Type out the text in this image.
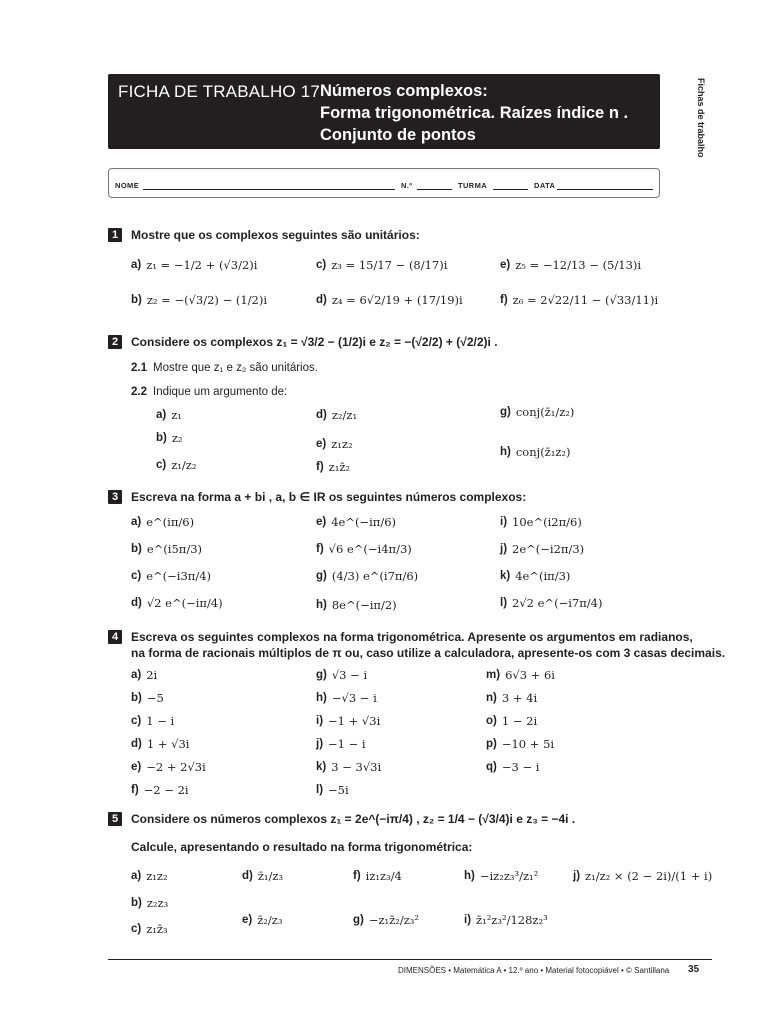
FICHA DE TRABALHO 17 Números complexos:
Forma trigonométrica. Raízes índice n .
Conjunto de pontos	Fichas de trabalho
NOME	N.º	TURMA	DATA
1	Mostre que os complexos seguintes são unitários:
a) z₁ = −1/2 + (√3/2)i
b) z₂ = −(√3/2) − (1/2)i
c) z₃ = 15/17 − (8/17)i
d) z₄ = 6√2/19 + (17/19)i
e) z₅ = −12/13 − (5/13)i
f) z₆ = 2√22/11 − (√33/11)i
2	Considere os complexos z₁ = √3/2 − (1/2)i e z₂ = −(√2/2) + (√2/2)i .
2.1 Mostre que z₁ e z₂ são unitários.
2.2 Indique um argumento de:
a) z₁
b) z₂
c) z₁/z₂
d) z₂/z₁
e) z₁z₂
f) z₁z̄₂
g) conj(z̄₁/z₂)
h) conj(z̄₁z₂)
3	Escreva na forma a + bi , a, b ∈ IR os seguintes números complexos:
a) e^(iπ/6)
b) e^(i5π/3)
c) e^(−i3π/4)
d) √2 e^(−iπ/4)
e) 4e^(−iπ/6)
f) √6 e^(−i4π/3)
g) (4/3) e^(i7π/6)
h) 8e^(−iπ/2)
i) 10e^(i2π/6)
j) 2e^(−i2π/3)
k) 4e^(iπ/3)
l) 2√2 e^(−i7π/4)
4	Escreva os seguintes complexos na forma trigonométrica. Apresente os argumentos em radianos,
na forma de racionais múltiplos de π ou, caso utilize a calculadora, apresente-os com 3 casas decimais.
a) 2i
b) −5
c) 1 − i
d) 1 + √3i
e) −2 + 2√3i
f) −2 − 2i
g) √3 − i
h) −√3 − i
i) −1 + √3i
j) −1 − i
k) 3 − 3√3i
l) −5i
m) 6√3 + 6i
n) 3 + 4i
o) 1 − 2i
p) −10 + 5i
q) −3 − i
5	Considere os números complexos z₁ = 2e^(−iπ/4) , z₂ = 1/4 − (√3/4)i e z₃ = −4i .
Calcule, apresentando o resultado na forma trigonométrica:
a) z₁z₂
b) z₂z₃
c) z₁z̄₃
d) z̄₁/z₃
e) z̄₂/z₃
f) iz₁z₃/4
g) −z₁z̄₂/z₃²
h) −iz₂z₃³/z₁²
i) z̄₁²z₃²/128z₂³
j) z₁/z₂ × (2 − 2i)/(1 + i)
DIMENSÕES • Matemática A • 12.º ano • Material fotocopiável • © Santillana 35
